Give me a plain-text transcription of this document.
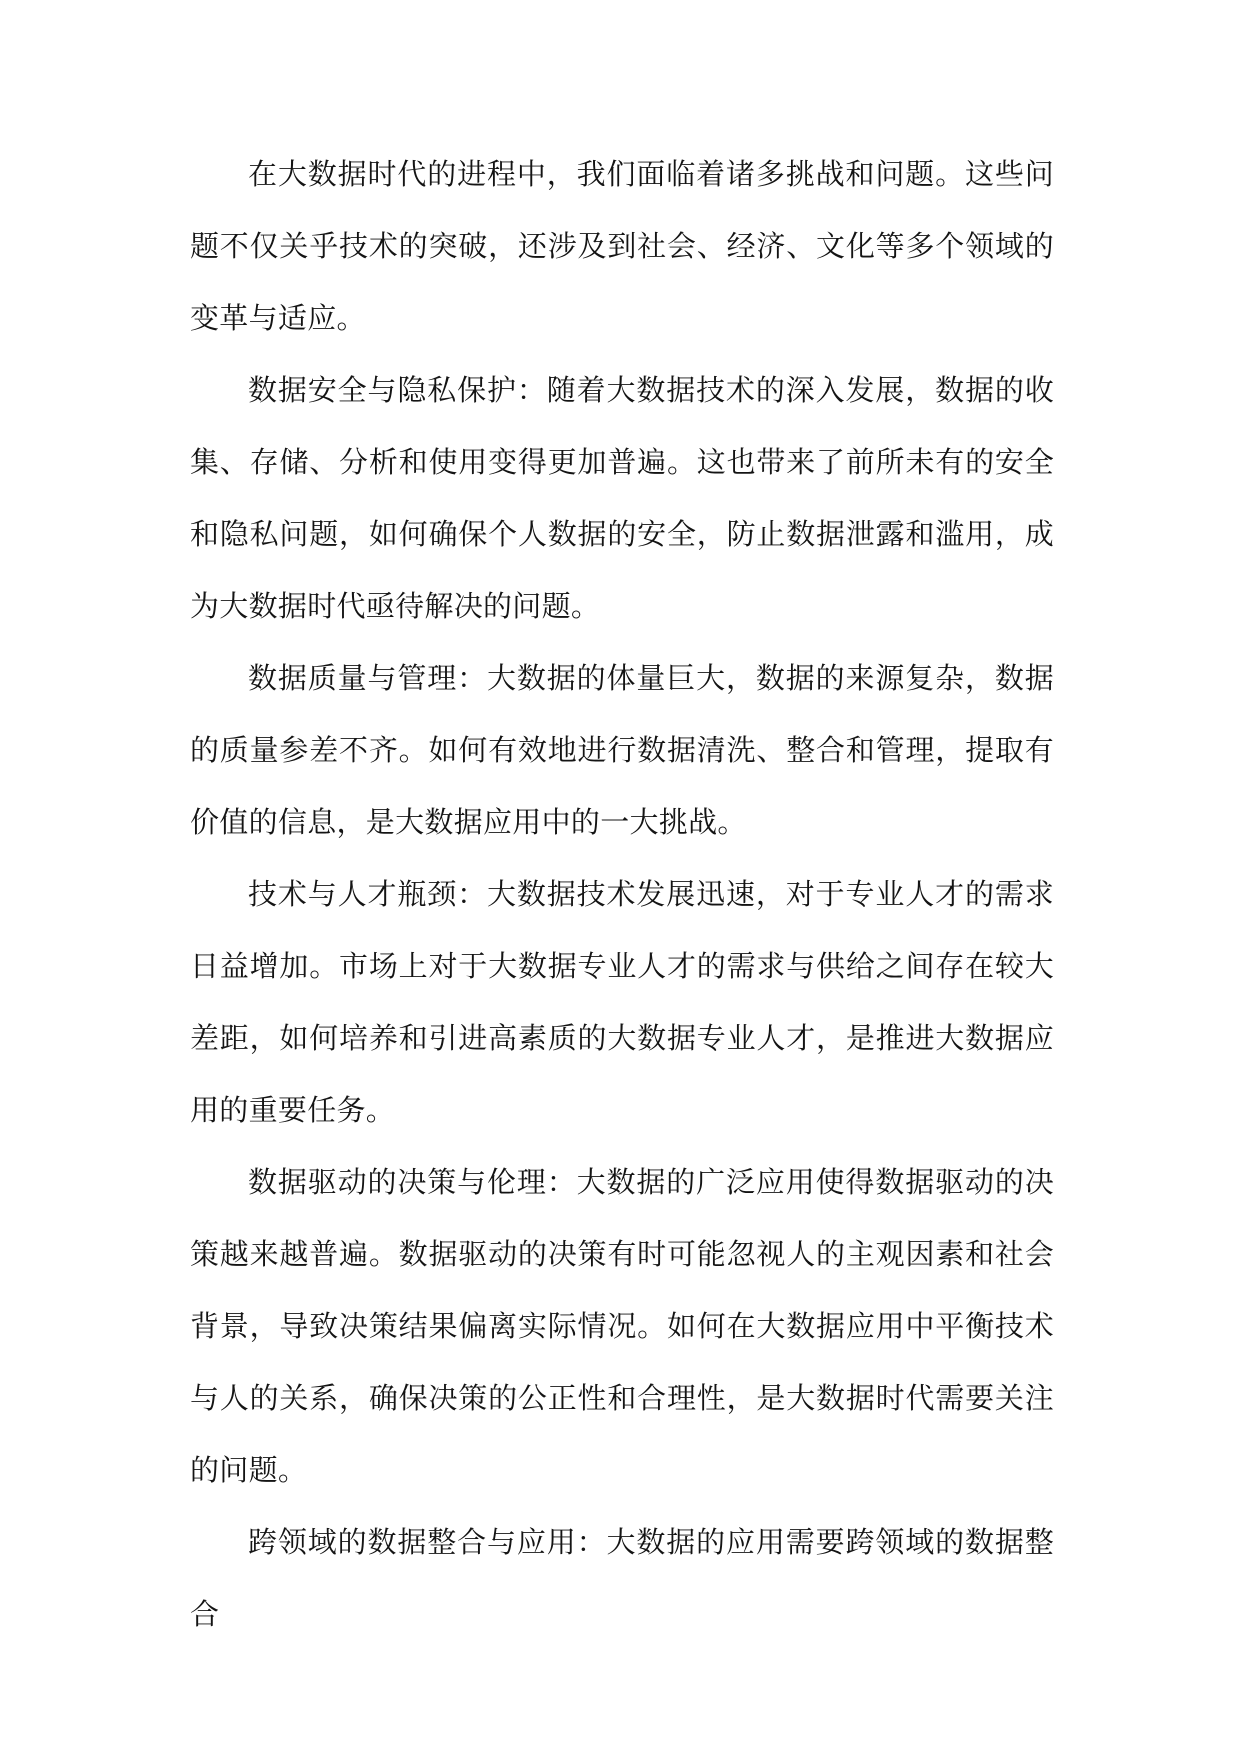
在大数据时代的进程中，我们面临着诸多挑战和问题。这些问题不仅关乎技术的突破，还涉及到社会、经济、文化等多个领域的变革与适应。

数据安全与隐私保护：随着大数据技术的深入发展，数据的收集、存储、分析和使用变得更加普遍。这也带来了前所未有的安全和隐私问题，如何确保个人数据的安全，防止数据泄露和滥用，成为大数据时代亟待解决的问题。

数据质量与管理：大数据的体量巨大，数据的来源复杂，数据的质量参差不齐。如何有效地进行数据清洗、整合和管理，提取有价值的信息，是大数据应用中的一大挑战。

技术与人才瓶颈：大数据技术发展迅速，对于专业人才的需求日益增加。市场上对于大数据专业人才的需求与供给之间存在较大差距，如何培养和引进高素质的大数据专业人才，是推进大数据应用的重要任务。

数据驱动的决策与伦理：大数据的广泛应用使得数据驱动的决策越来越普遍。数据驱动的决策有时可能忽视人的主观因素和社会背景，导致决策结果偏离实际情况。如何在大数据应用中平衡技术与人的关系，确保决策的公正性和合理性，是大数据时代需要关注的问题。

跨领域的数据整合与应用：大数据的应用需要跨领域的数据整合
